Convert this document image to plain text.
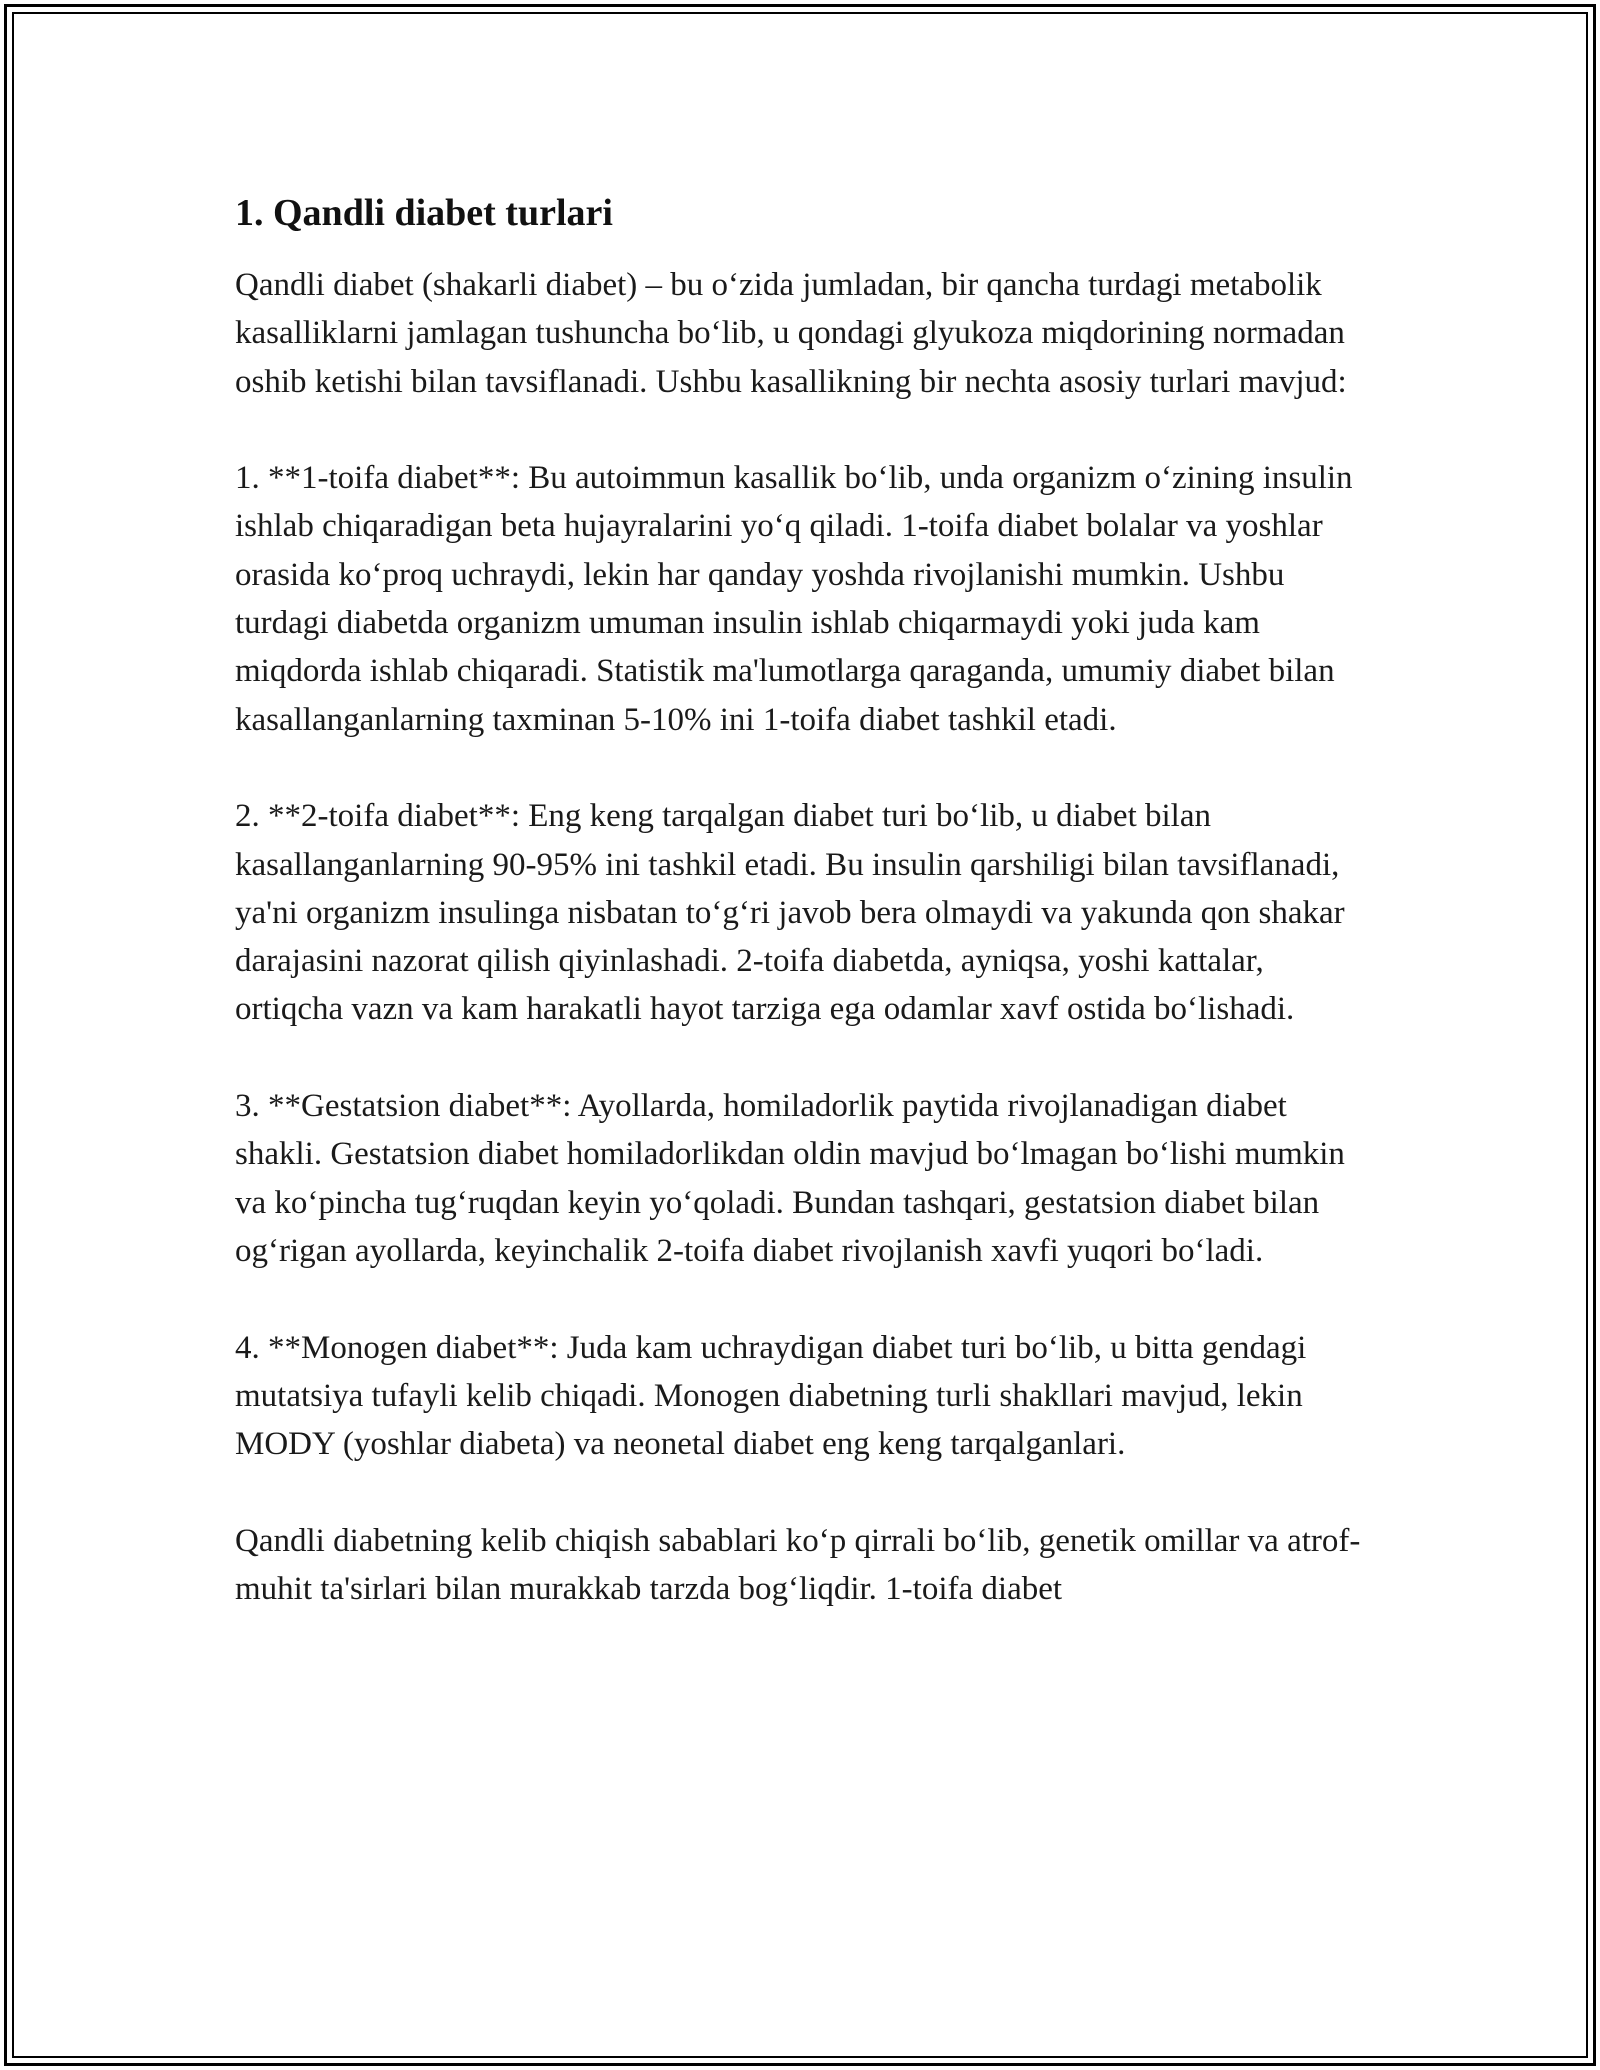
1. Qandli diabet turlari

Qandli diabet (shakarli diabet) – bu o‘zida jumladan, bir qancha turdagi metabolik kasalliklarni jamlagan tushuncha bo‘lib, u qondagi glyukoza miqdorining normadan oshib ketishi bilan tavsiflanadi. Ushbu kasallikning bir nechta asosiy turlari mavjud:

1. **1-toifa diabet**: Bu autoimmun kasallik bo‘lib, unda organizm o‘zining insulin ishlab chiqaradigan beta hujayralarini yo‘q qiladi. 1-toifa diabet bolalar va yoshlar orasida ko‘proq uchraydi, lekin har qanday yoshda rivojlanishi mumkin. Ushbu turdagi diabetda organizm umuman insulin ishlab chiqarmaydi yoki juda kam miqdorda ishlab chiqaradi. Statistik ma'lumotlarga qaraganda, umumiy diabet bilan kasallanganlarning taxminan 5-10% ini 1-toifa diabet tashkil etadi.

2. **2-toifa diabet**: Eng keng tarqalgan diabet turi bo‘lib, u diabet bilan kasallanganlarning 90-95% ini tashkil etadi. Bu insulin qarshiligi bilan tavsiflanadi, ya'ni organizm insulinga nisbatan to‘g‘ri javob bera olmaydi va yakunda qon shakar darajasini nazorat qilish qiyinlashadi. 2-toifa diabetda, ayniqsa, yoshi kattalar, ortiqcha vazn va kam harakatli hayot tarziga ega odamlar xavf ostida bo‘lishadi.

3. **Gestatsion diabet**: Ayollarda, homiladorlik paytida rivojlanadigan diabet shakli. Gestatsion diabet homiladorlikdan oldin mavjud bo‘lmagan bo‘lishi mumkin va ko‘pincha tug‘ruqdan keyin yo‘qoladi. Bundan tashqari, gestatsion diabet bilan og‘rigan ayollarda, keyinchalik 2-toifa diabet rivojlanish xavfi yuqori bo‘ladi.

4. **Monogen diabet**: Juda kam uchraydigan diabet turi bo‘lib, u bitta gendagi mutatsiya tufayli kelib chiqadi. Monogen diabetning turli shakllari mavjud, lekin MODY (yoshlar diabeta) va neonetal diabet eng keng tarqalganlari.

Qandli diabetning kelib chiqish sabablari ko‘p qirrali bo‘lib, genetik omillar va atrof-muhit ta'sirlari bilan murakkab tarzda bog‘liqdir. 1-toifa diabet
